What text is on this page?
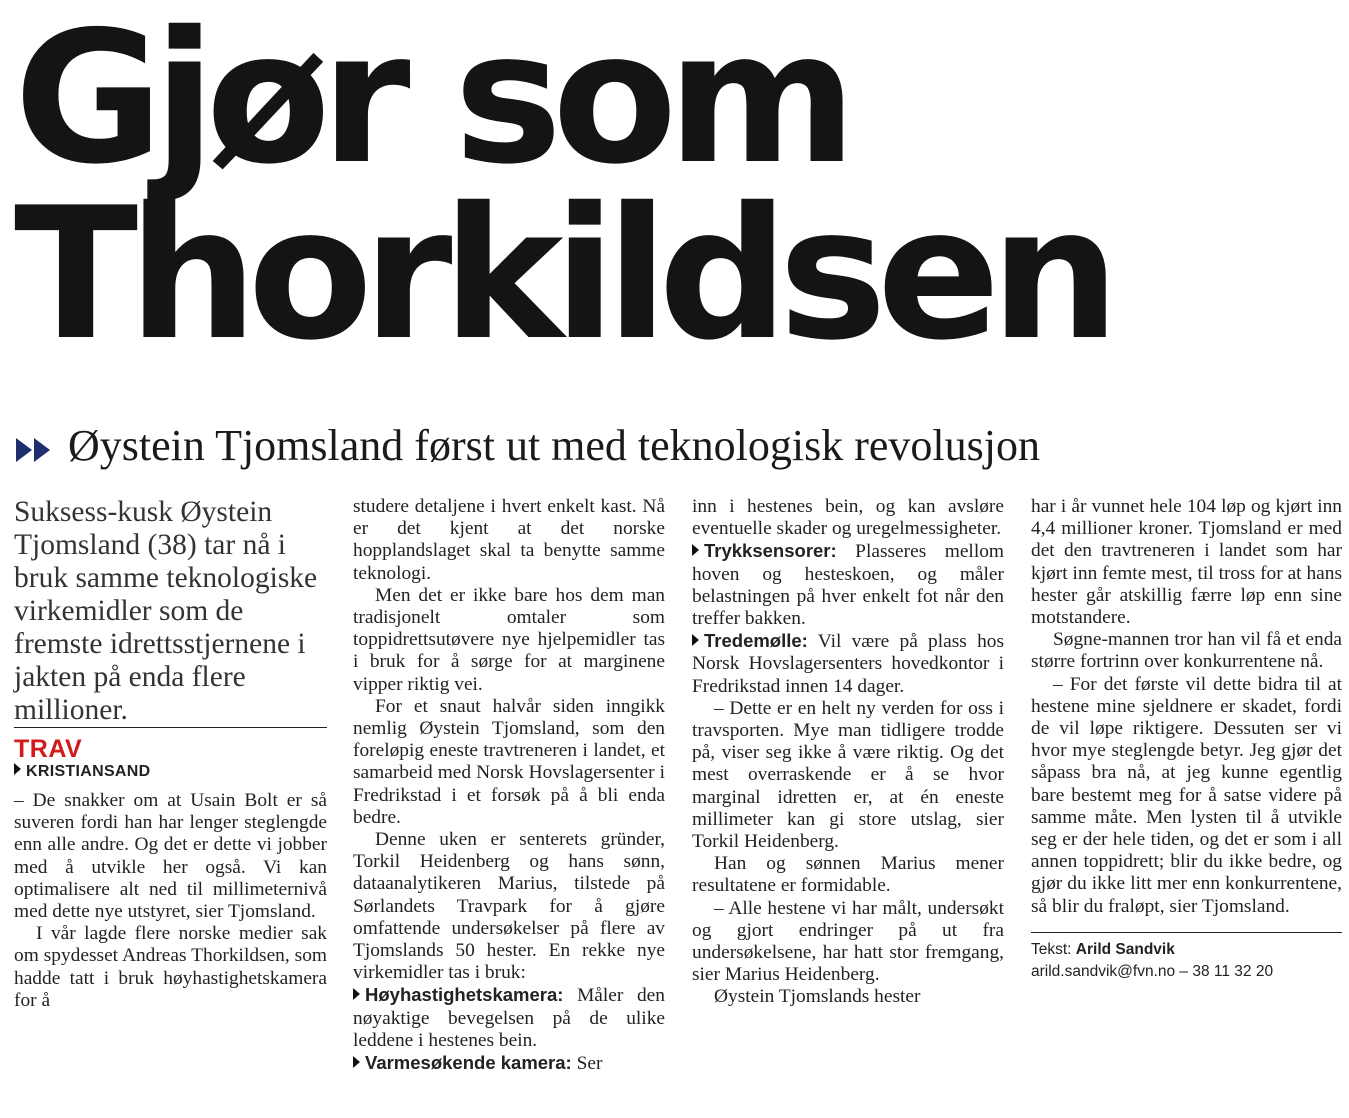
Gjør som
Thorkildsen
Øystein Tjomsland først ut med teknologisk revolusjon

Suksess-kusk Øystein Tjomsland (38) tar nå i bruk samme teknologiske virkemidler som de fremste idrettsstjernene i jakten på enda flere millioner.

TRAV
KRISTIANSAND

– De snakker om at Usain Bolt er så suveren fordi han har lenger steglengde enn alle andre. Og det er dette vi jobber med å utvikle her også. Vi kan optimalisere alt ned til millimeternivå med dette nye utstyret, sier Tjomsland.

I vår lagde flere norske medier sak om spydesset Andreas Thorkildsen, som hadde tatt i bruk høyhastighetskamera for å

studere detaljene i hvert enkelt kast. Nå er det kjent at det norske hopplandslaget skal ta benytte samme teknologi.

Men det er ikke bare hos dem man tradisjonelt omtaler som toppidrettsutøvere nye hjelpemidler tas i bruk for å sørge for at marginene vipper riktig vei.

For et snaut halvår siden inngikk nemlig Øystein Tjomsland, som den foreløpig eneste travtreneren i landet, et samarbeid med Norsk Hovslagersenter i Fredrikstad i et forsøk på å bli enda bedre.

Denne uken er senterets gründer, Torkil Heidenberg og hans sønn, dataanalytikeren Marius, tilstede på Sørlandets Travpark for å gjøre omfattende undersøkelser på flere av Tjomslands 50 hester. En rekke nye virkemidler tas i bruk:

Høyhastighetskamera: Måler den nøyaktige bevegelsen på de ulike leddene i hestenes bein.

Varmesøkende kamera: Ser

inn i hestenes bein, og kan avsløre eventuelle skader og uregelmessigheter.

Trykksensorer: Plasseres mellom hoven og hesteskoen, og måler belastningen på hver enkelt fot når den treffer bakken.

Tredemølle: Vil være på plass hos Norsk Hovslagersenters hovedkontor i Fredrikstad innen 14 dager.

– Dette er en helt ny verden for oss i travsporten. Mye man tidligere trodde på, viser seg ikke å være riktig. Og det mest overraskende er å se hvor marginal idretten er, at én eneste millimeter kan gi store utslag, sier Torkil Heidenberg.

Han og sønnen Marius mener resultatene er formidable.

– Alle hestene vi har målt, undersøkt og gjort endringer på ut fra undersøkelsene, har hatt stor fremgang, sier Marius Heidenberg.

Øystein Tjomslands hester

har i år vunnet hele 104 løp og kjørt inn 4,4 millioner kroner. Tjomsland er med det den travtreneren i landet som har kjørt inn femte mest, til tross for at hans hester går atskillig færre løp enn sine motstandere.

Søgne-mannen tror han vil få et enda større fortrinn over konkurrentene nå.

– For det første vil dette bidra til at hestene mine sjeldnere er skadet, fordi de vil løpe riktigere. Dessuten ser vi hvor mye steglengde betyr. Jeg gjør det såpass bra nå, at jeg kunne egentlig bare bestemt meg for å satse videre på samme måte. Men lysten til å utvikle seg er der hele tiden, og det er som i all annen toppidrett; blir du ikke bedre, og gjør du ikke litt mer enn konkurrentene, så blir du fraløpt, sier Tjomsland.

Tekst: Arild Sandvik
arild.sandvik@fvn.no – 38 11 32 20
